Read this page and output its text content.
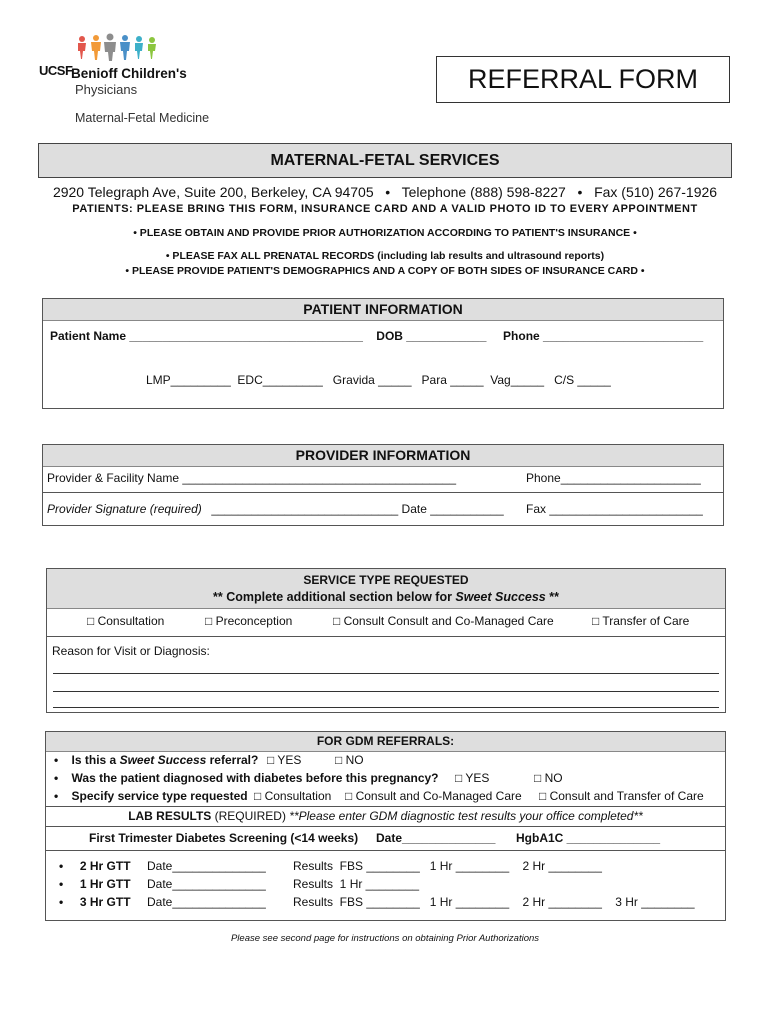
UCSF
Benioff Children's
Physicians
Maternal-Fetal Medicine
REFERRAL FORM
MATERNAL-FETAL SERVICES
2920 Telegraph Ave, Suite 200, Berkeley, CA 94705   •   Telephone (888) 598-8227   •   Fax (510) 267-1926
PATIENTS: PLEASE BRING THIS FORM, INSURANCE CARD AND A VALID PHOTO ID TO EVERY APPOINTMENT
• PLEASE OBTAIN AND PROVIDE PRIOR AUTHORIZATION ACCORDING TO PATIENT'S INSURANCE •
• PLEASE FAX ALL PRENATAL RECORDS (including lab results and ultrasound reports)
• PLEASE PROVIDE PATIENT'S DEMOGRAPHICS AND A COPY OF BOTH SIDES OF INSURANCE CARD •
PATIENT INFORMATION
Patient Name ___________________________________    DOB ____________     Phone ________________________
LMP_________  EDC_________   Gravida _____   Para _____  Vag_____   C/S _____
PROVIDER INFORMATION
Provider & Facility Name _________________________________________	Phone_____________________
Provider Signature (required) ____________________________ Date ___________ Fax _______________________
SERVICE TYPE REQUESTED
** Complete additional section below for Sweet Success **
□ Consultation	□ Preconception	□ Consult Consult and Co-Managed Care	□ Transfer of Care
Reason for Visit or Diagnosis:
FOR GDM REFERRALS:
•    Is this a Sweet Success referral? □ YES	□ NO
•    Was the patient diagnosed with diabetes before this pregnancy? □ YES	□ NO
•    Specify service type requested □ Consultation □ Consult and Co-Managed Care □ Consult and Transfer of Care
LAB RESULTS (REQUIRED) **Please enter GDM diagnostic test results your office completed**
First Trimester Diabetes Screening (<14 weeks) Date______________ HgbA1C ______________
•     2 Hr GTT Date______________ Results  FBS ________   1 Hr ________    2 Hr ________
•     1 Hr GTT Date______________ Results  1 Hr ________
•     3 Hr GTT Date______________ Results  FBS ________   1 Hr ________    2 Hr ________    3 Hr ________
Please see second page for instructions on obtaining Prior Authorizations
